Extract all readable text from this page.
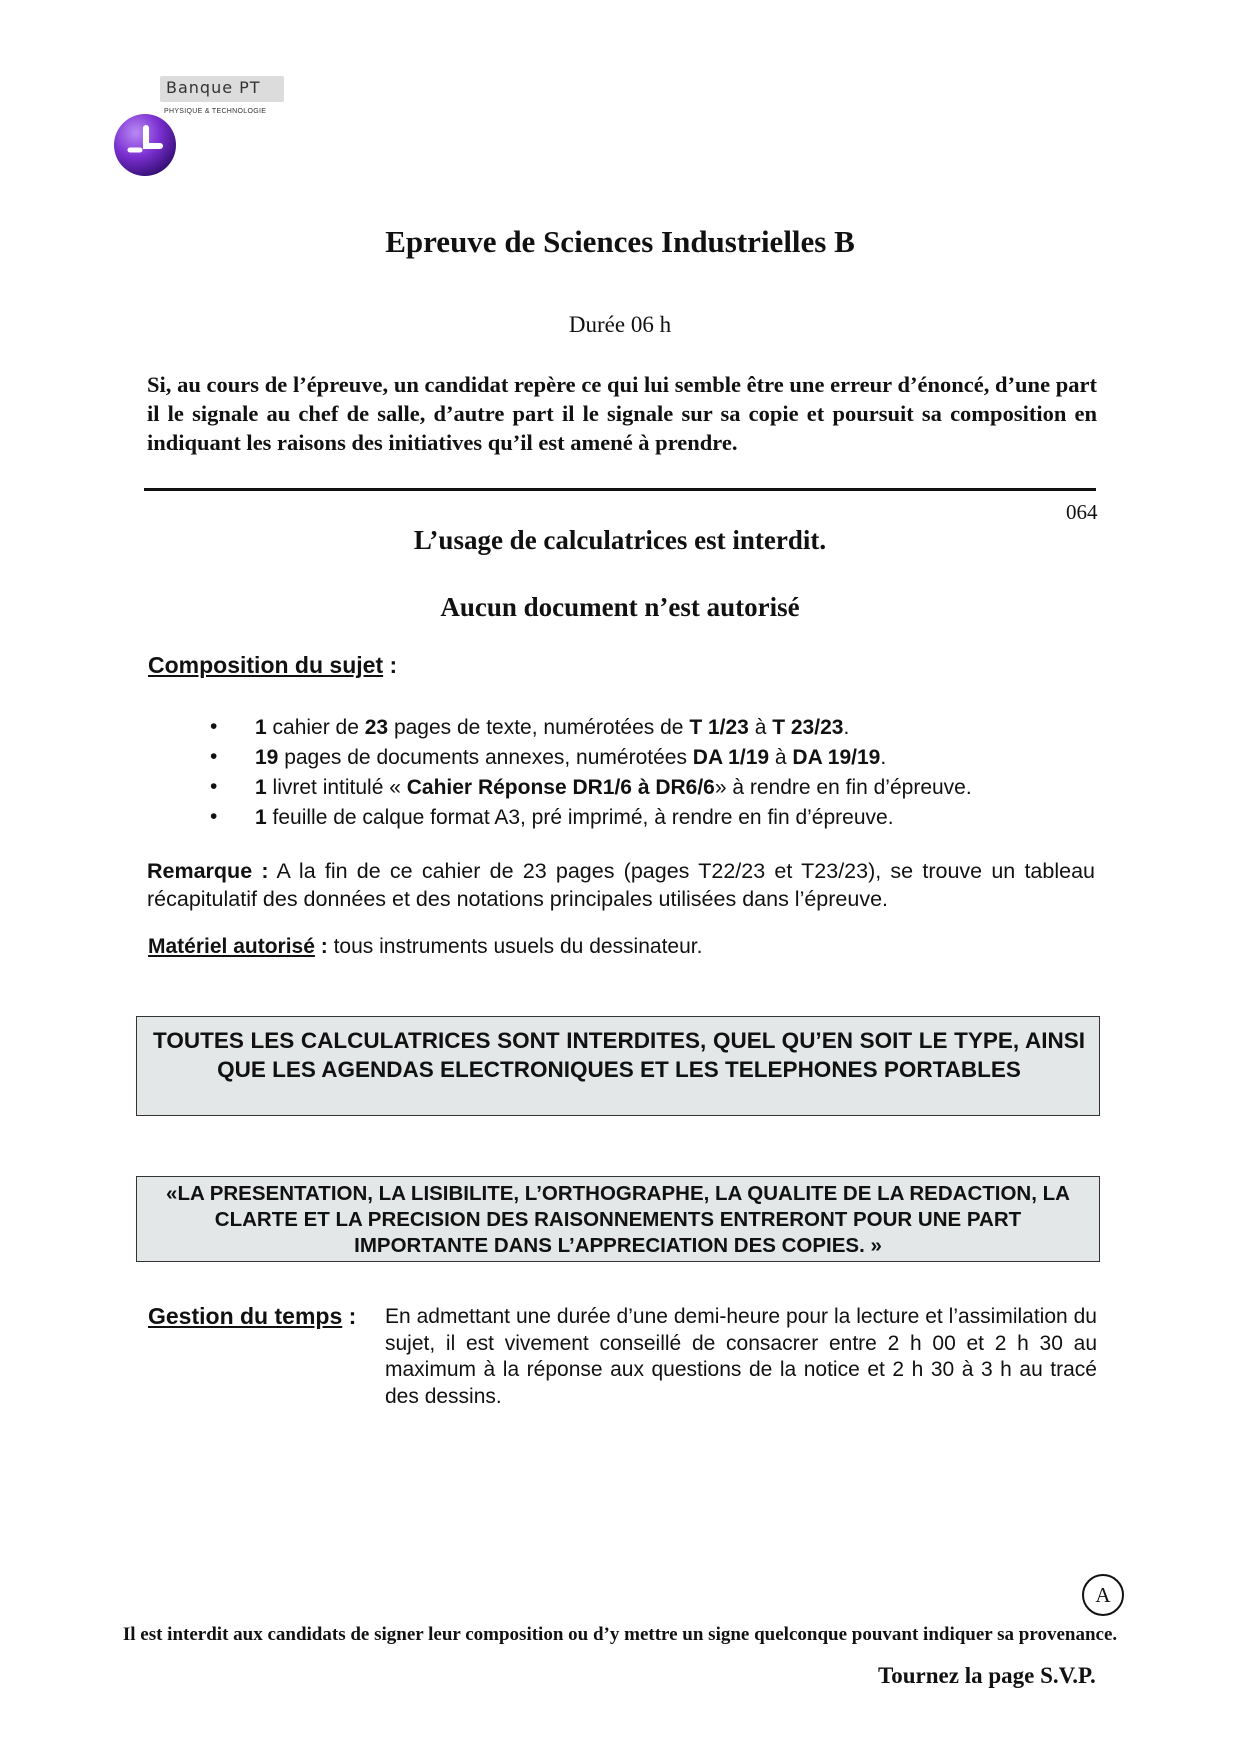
Banque PT
PHYSIQUE & TECHNOLOGIE
Epreuve de Sciences Industrielles B
Durée 06 h
Si, au cours de l’épreuve, un candidat repère ce qui lui semble être une erreur d’énoncé, d’une part il le signale au chef de salle, d’autre part il le signale sur sa copie et poursuit sa composition en indiquant les raisons des initiatives qu’il est amené à prendre.
064
L’usage de calculatrices est interdit.
Aucun document n’est autorisé
Composition du sujet :
• 1 cahier de 23 pages de texte, numérotées de T 1/23 à T 23/23.
• 19 pages de documents annexes, numérotées DA 1/19 à DA 19/19.
• 1 livret intitulé « Cahier Réponse DR1/6 à DR6/6» à rendre en fin d’épreuve.
• 1 feuille de calque format A3, pré imprimé, à rendre en fin d’épreuve.
Remarque : A la fin de ce cahier de 23 pages (pages T22/23 et T23/23), se trouve un tableau récapitulatif des données et des notations principales utilisées dans l’épreuve.
Matériel autorisé : tous instruments usuels du dessinateur.
TOUTES LES CALCULATRICES SONT INTERDITES, QUEL QU’EN SOIT LE TYPE, AINSI QUE LES AGENDAS ELECTRONIQUES ET LES TELEPHONES PORTABLES
«LA PRESENTATION, LA LISIBILITE, L’ORTHOGRAPHE, LA QUALITE DE LA REDACTION, LA CLARTE ET LA PRECISION DES RAISONNEMENTS ENTRERONT POUR UNE PART IMPORTANTE DANS L’APPRECIATION DES COPIES. »
Gestion du temps : En admettant une durée d’une demi-heure pour la lecture et l’assimilation du sujet, il est vivement conseillé de consacrer entre 2 h 00 et 2 h 30 au maximum à la réponse aux questions de la notice et 2 h 30 à 3 h au tracé des dessins.
A
Il est interdit aux candidats de signer leur composition ou d’y mettre un signe quelconque pouvant indiquer sa provenance.
Tournez la page S.V.P.
